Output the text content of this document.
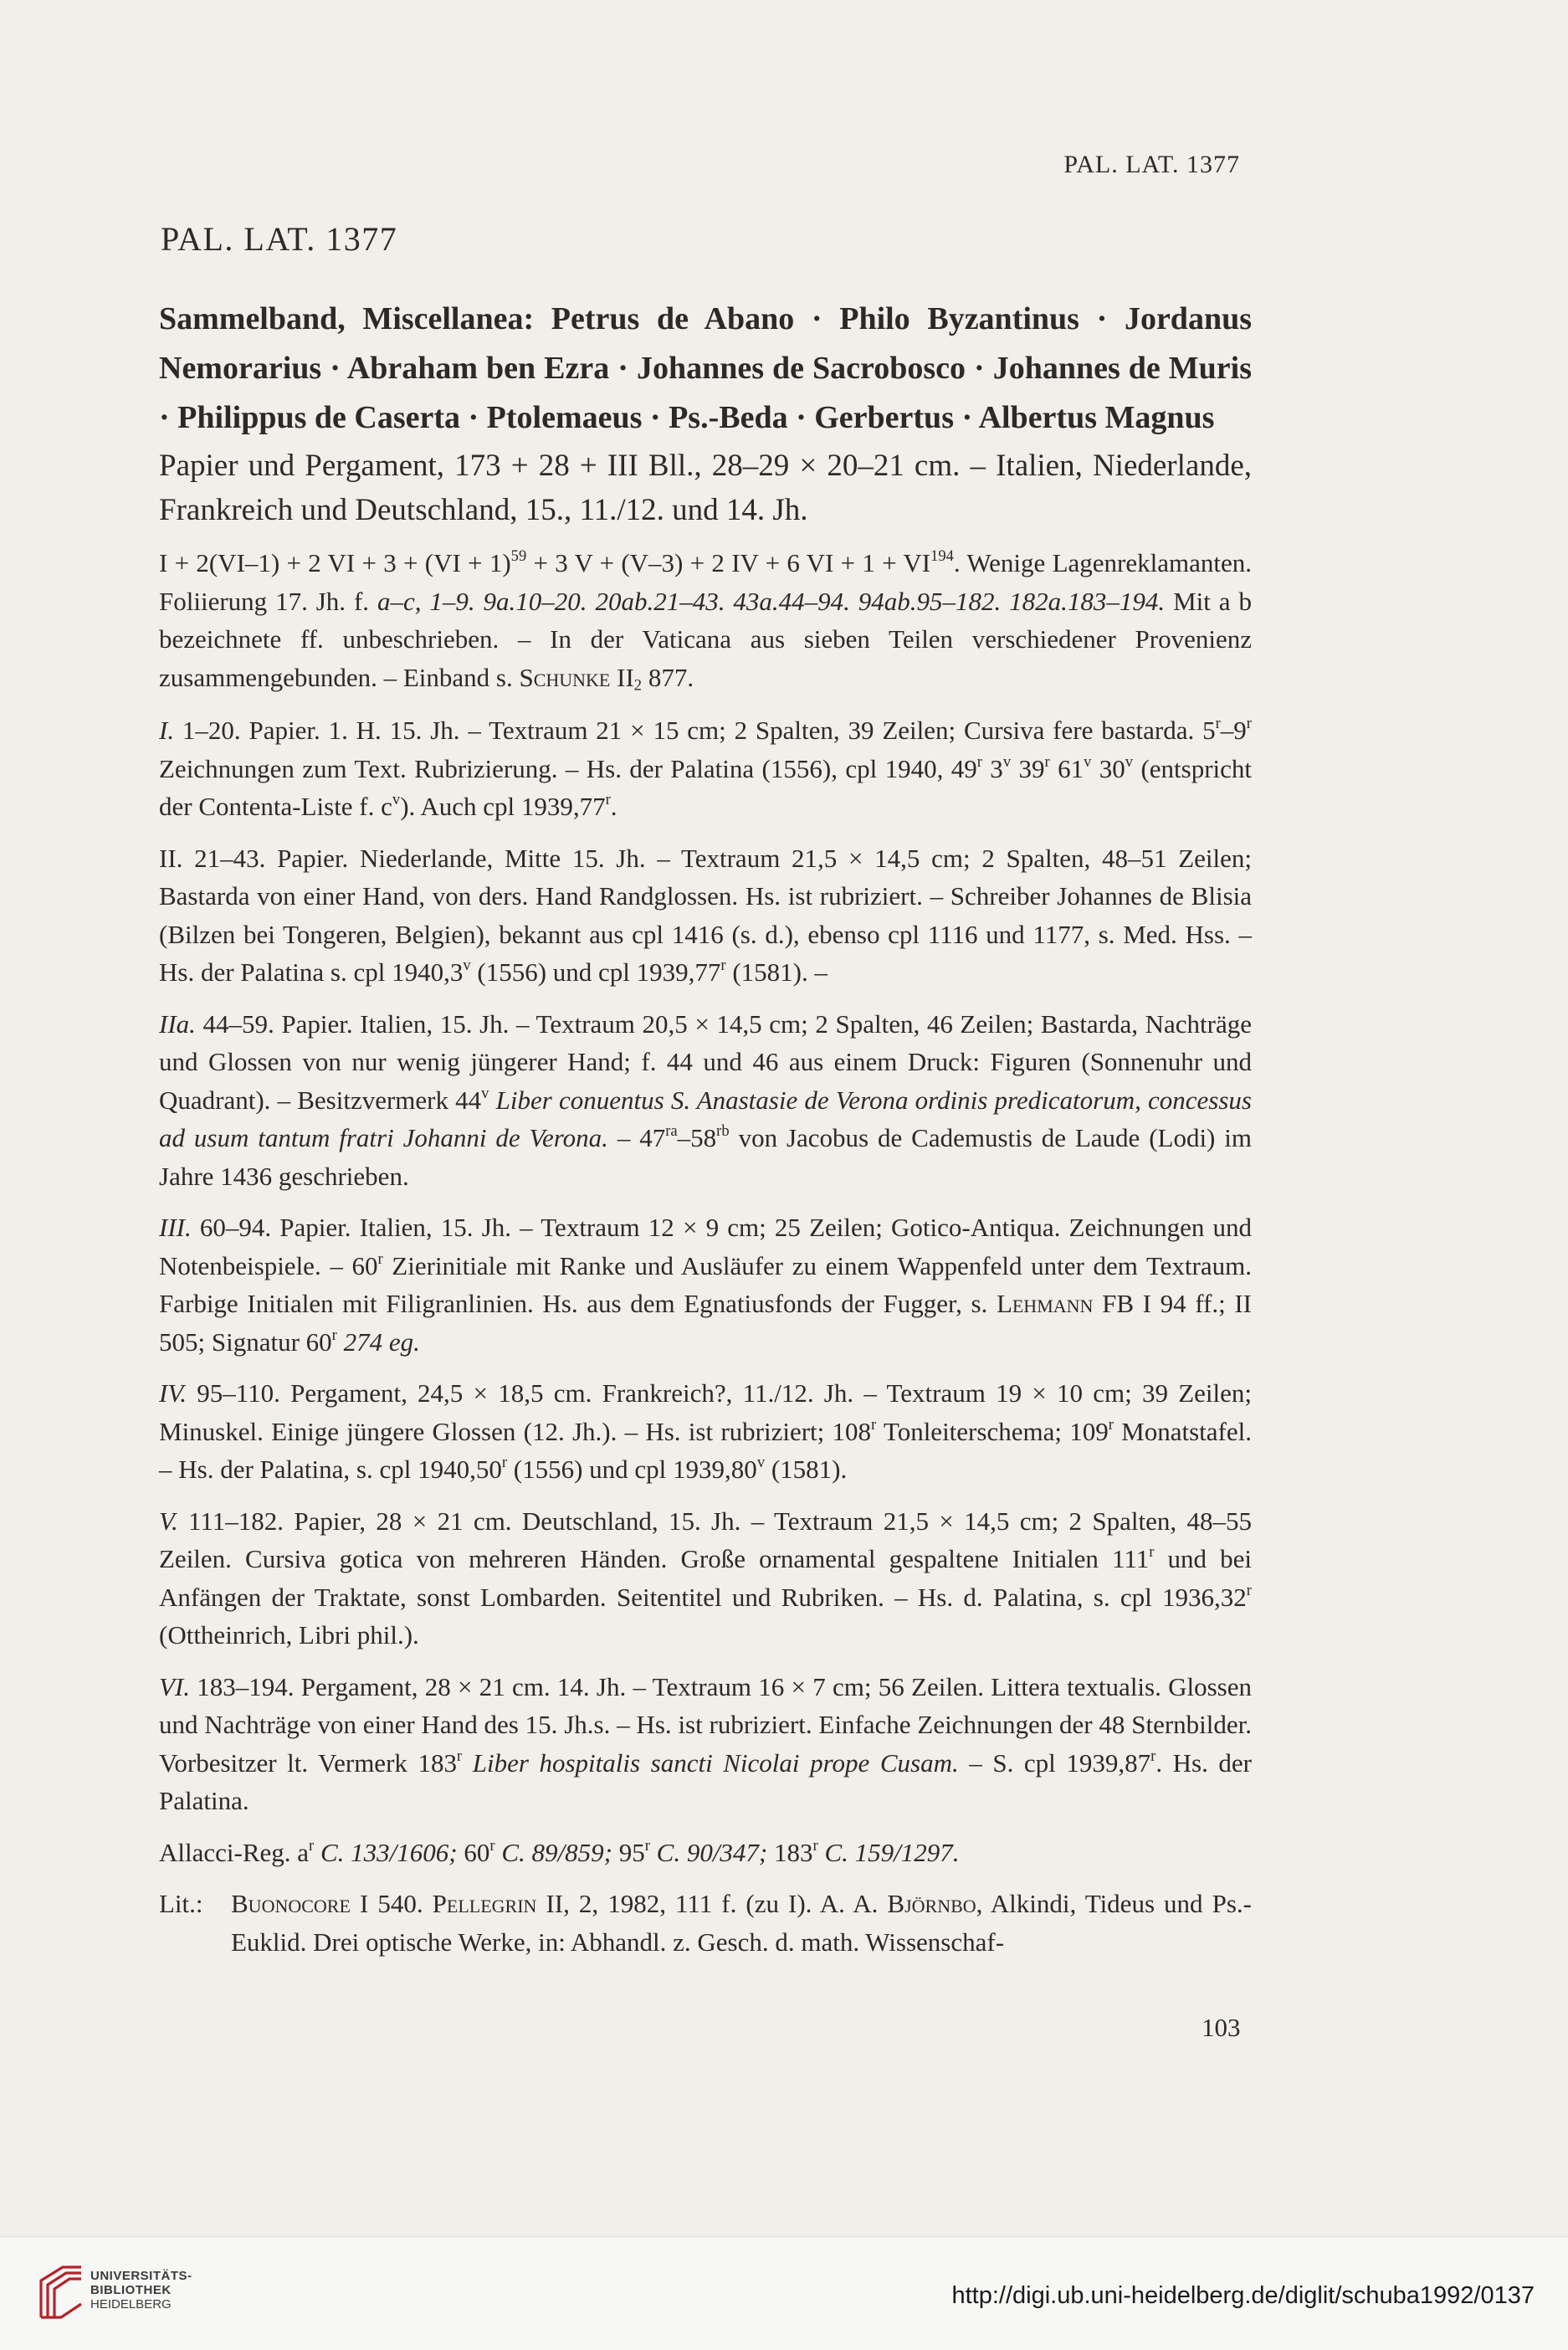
PAL. LAT. 1377
PAL. LAT. 1377
Sammelband, Miscellanea: Petrus de Abano · Philo Byzantinus · Jordanus Nemorarius · Abraham ben Ezra · Johannes de Sacrobosco · Johannes de Muris · Philippus de Caserta · Ptolemaeus · Ps.-Beda · Gerbertus · Albertus Magnus
Papier und Pergament, 173 + 28 + III Bll., 28–29 × 20–21 cm. – Italien, Niederlande, Frankreich und Deutschland, 15., 11./12. und 14. Jh.

I + 2(VI–1) + 2 VI + 3 + (VI + 1)$^{59}$ + 3 V + (V–3) + 2 IV + 6 VI + $1 + VI^{194}$. Wenige Lagenreklamanten. Foliierung 17. Jh. f. a–c, 1–9. 9a.10–20. 20ab.21–43. 43a.44–94. 94ab.95–182. 182a.183–194. Mit a b bezeichnete ff. unbeschrieben. – In der Vaticana aus sieben Teilen verschiedener Provenienz zusammengebunden. – Einband s. Schunke $II_2$ 877.

I. 1–20. Papier. 1. H. 15. Jh. – Textraum 21 × 15 cm; 2 Spalten, 39 Zeilen; Cursiva fere bastarda. 5$^r$–9$^r$ Zeichnungen zum Text. Rubrizierung. – Hs. der Palatina (1556), cpl 1940, 49$^r$ 3$^v$ 39$^r$ 61$^v$ 30$^v$ (entspricht der Contenta-Liste f. $c^v$). Auch cpl 1939,77$^r$.

II. 21–43. Papier. Niederlande, Mitte 15. Jh. – Textraum 21,5 × 14,5 cm; 2 Spalten, 48–51 Zeilen; Bastarda von einer Hand, von ders. Hand Randglossen. Hs. ist rubriziert. – Schreiber Johannes de Blisia (Bilzen bei Tongeren, Belgien), bekannt aus cpl 1416 (s. d.), ebenso cpl 1116 und 1177, s. Med. Hss. – Hs. der Palatina s. cpl 1940,3$^v$ (1556) und cpl 1939,77$^r$ (1581). –

IIa. 44–59. Papier. Italien, 15. Jh. – Textraum 20,5 × 14,5 cm; 2 Spalten, 46 Zeilen; Bastarda, Nachträge und Glossen von nur wenig jüngerer Hand; f. 44 und 46 aus einem Druck: Figuren (Sonnenuhr und Quadrant). – Besitzvermerk 44$^v$ Liber conuentus S. Anastasie de Verona ordinis predicatorum, concessus ad usum tantum fratri Johanni de Verona. – $47^{ra}-58^{rb}$ von Jacobus de Cademustis de Laude (Lodi) im Jahre 1436 geschrieben.

III. 60–94. Papier. Italien, 15. Jh. – Textraum 12 × 9 cm; 25 Zeilen; Gotico-Antiqua. Zeichnungen und Notenbeispiele. – 60$^r$ Zierinitiale mit Ranke und Ausläufer zu einem Wappenfeld unter dem Textraum. Farbige Initialen mit Filigranlinien. Hs. aus dem Egnatiusfonds der Fugger, s. Lehmann FB I 94 ff.; II 505; Signatur 60$^r$ 274 eg.

IV. 95–110. Pergament, 24,5 × 18,5 cm. Frankreich?, 11./12. Jh. – Textraum 19 × 10 cm; 39 Zeilen; Minuskel. Einige jüngere Glossen (12. Jh.). – Hs. ist rubriziert; 108$^r$ Tonleiterschema; 109$^r$ Monatstafel. – Hs. der Palatina, s. cpl 1940,50$^r$ (1556) und cpl 1939,80$^v$ (1581).

V. 111–182. Papier, 28 × 21 cm. Deutschland, 15. Jh. – Textraum 21,5 × 14,5 cm; 2 Spalten, 48–55 Zeilen. Cursiva gotica von mehreren Händen. Große ornamental gespaltene Initialen 111$^r$ und bei Anfängen der Traktate, sonst Lombarden. Seitentitel und Rubriken. – Hs. d. Palatina, s. cpl 1936,32$^r$ (Ottheinrich, Libri phil.).

VI. 183–194. Pergament, 28 × 21 cm. 14. Jh. – Textraum 16 × 7 cm; 56 Zeilen. Littera textualis. Glossen und Nachträge von einer Hand des 15. Jh.s. – Hs. ist rubriziert. Einfache Zeichnungen der 48 Sternbilder. Vorbesitzer lt. Vermerk 183$^r$ Liber hospitalis sancti Nicolai prope Cusam. – S. cpl 1939,87$^r$. Hs. der Palatina.

Allacci-Reg. $a^r$ C. 133/1606; 60$^r$ C. 89/859; 95$^r$ C. 90/347; 183$^r$ C. 159/1297.

Lit.: Buonocore I 540. Pellegrin II, 2, 1982, 111 f. (zu I). A. A. Björnbo, Alkindi, Tideus und Ps.-Euklid. Drei optische Werke, in: Abhandl. z. Gesch. d. math. Wissenschaf-

103
UNIVERSITÄTS-
BIBLIOTHEK
HEIDELBERG	http://digi.ub.uni-heidelberg.de/diglit/schuba1992/0137
